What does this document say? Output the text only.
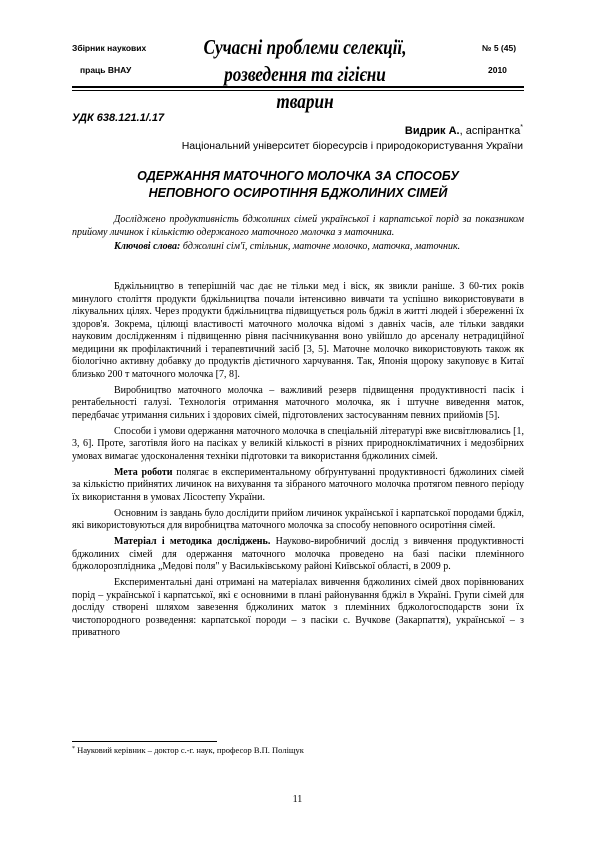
Збірник наукових
праць ВНАУ
Сучасні проблеми селекції,
розведення та гігієни тварин
№ 5 (45)
2010
УДК 638.121.1/.17
Видрик А., аспірантка*
Національний університет біоресурсів і природокористування України
ОДЕРЖАННЯ МАТОЧНОГО МОЛОЧКА ЗА СПОСОБУ
НЕПОВНОГО ОСИРОТІННЯ БДЖОЛИНИХ СІМЕЙ

Досліджено продуктивність бджолиних сімей української і карпатської порід за показником прийому личинок і кількістю одержаного маточного молочка з маточника.

Ключові слова: бджолині сім'ї, стільник, маточне молочко, маточка, маточник.

Бджільництво в теперішній час дає не тільки мед і віск, як звикли раніше. З 60-тих років минулого століття продукти бджільництва почали інтенсивно вивчати та успішно використовувати в лікувальних цілях. Через продукти бджільництва підвищується роль бджіл в житті людей і збереженні їх здоров'я. Зокрема, цілющі властивості маточного молочка відомі з давніх часів, але тільки завдяки науковим дослідженням і підвищенню рівня пасічникування воно увійшло до арсеналу нетрадиційної медицини як профілактичний і терапевтичний засіб [3, 5]. Маточне молочко використовують також як біологічно активну добавку до продуктів дієтичного харчування. Так, Японія щороку закуповує в Китаї близько 200 т маточного молочка [7, 8].

Виробництво маточного молочка – важливий резерв підвищення продуктивності пасік і рентабельності галузі. Технологія отримання маточного молочка, як і штучне виведення маток, передбачає утримання сильних і здорових сімей, підготовлених застосуванням певних прийомів [5].

Способи і умови одержання маточного молочка в спеціальній літературі вже висвітлювались [1, 3, 6]. Проте, заготівля його на пасіках у великій кількості в різних природнокліматичних і медозбірних умовах вимагає удосконалення техніки підготовки та використання бджолиних сімей.

Мета роботи полягає в експериментальному обґрунтуванні продуктивності бджолиних сімей за кількістю прийнятих личинок на вихування та зібраного маточного молочка протягом певного періоду їх використання в умовах Лісостепу України.

Основним із завдань було дослідити прийом личинок української і карпатської породами бджіл, які використовуються для виробництва маточного молочка за способу неповного осиротіння сімей.

Матеріал і методика досліджень. Науково-виробничий дослід з вивчення продуктивності бджолиних сімей для одержання маточного молочка проведено на базі пасіки племінного бджолорозплідника „Медові поля" у Васильківському районі Київської області, в 2009 р.

Експериментальні дані отримані на матеріалах вивчення бджолиних сімей двох порівнюваних порід – української і карпатської, які є основними в плані районування бджіл в Україні. Групи сімей для досліду створені шляхом завезення бджолиних маток з племінних бджологосподарств зони їх чистопородного розведення: карпатської породи – з пасіки с. Вучкове (Закарпаття), української – з приватного

* Науковий керівник – доктор с.-г. наук, професор В.П. Поліщук
11
